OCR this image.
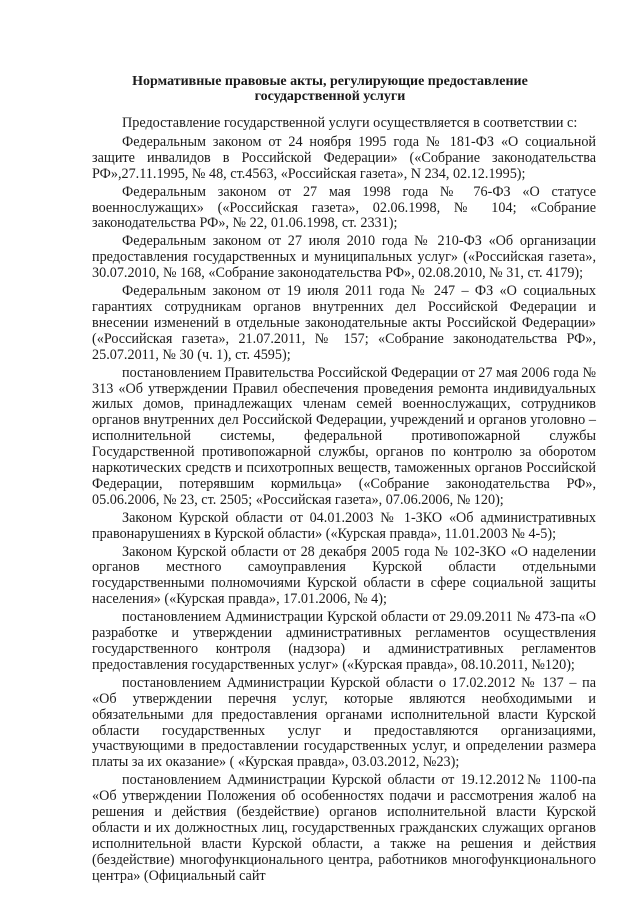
Нормативные правовые акты, регулирующие предоставление
государственной услуги

Предоставление государственной услуги осуществляется в соответствии с:

Федеральным законом от 24 ноября 1995 года № 181-ФЗ «О социальной защите инвалидов в Российской Федерации» («Собрание законодательства РФ»,27.11.1995, № 48, ст.4563, «Российская газета», N 234, 02.12.1995);

Федеральным законом от 27 мая 1998 года № 76-ФЗ «О статусе военнослужащих» («Российская газета», 02.06.1998, № 104; «Собрание законодательства РФ», № 22, 01.06.1998, ст. 2331);

Федеральным законом от 27 июля 2010 года № 210-ФЗ «Об организации предоставления государственных и муниципальных услуг» («Российская газета», 30.07.2010, № 168, «Собрание законодательства РФ», 02.08.2010, № 31, ст. 4179);

Федеральным законом от 19 июля 2011 года № 247 – ФЗ «О социальных гарантиях сотрудникам органов внутренних дел Российской Федерации и внесении изменений в отдельные законодательные акты Российской Федерации» («Российская газета», 21.07.2011, № 157; «Собрание законодательства РФ», 25.07.2011, № 30 (ч. 1), ст. 4595);

постановлением Правительства Российской Федерации от 27 мая 2006 года № 313 «Об утверждении Правил обеспечения проведения ремонта индивидуальных жилых домов, принадлежащих членам семей военнослужащих, сотрудников органов внутренних дел Российской Федерации, учреждений и органов уголовно – исполнительной системы, федеральной противопожарной службы Государственной противопожарной службы, органов по контролю за оборотом наркотических средств и психотропных веществ, таможенных органов Российской Федерации, потерявшим кормильца» («Собрание законодательства РФ», 05.06.2006, № 23, ст. 2505; «Российская газета», 07.06.2006, № 120);

Законом Курской области от 04.01.2003 № 1-ЗКО «Об административных правонарушениях в Курской области» («Курская правда», 11.01.2003 № 4-5);

Законом Курской области от 28 декабря 2005 года № 102-ЗКО «О наделении органов местного самоуправления Курской области отдельными государственными полномочиями Курской области в сфере социальной защиты населения» («Курская правда», 17.01.2006, № 4);

постановлением Администрации Курской области от 29.09.2011 № 473-па «О разработке и утверждении административных регламентов осуществления государственного контроля (надзора) и административных регламентов предоставления государственных услуг» («Курская правда», 08.10.2011, №120);

постановлением Администрации Курской области о 17.02.2012 № 137 – па «Об утверждении перечня услуг, которые являются необходимыми и обязательными для предоставления органами исполнительной власти Курской области государственных услуг и предоставляются организациями, участвующими в предоставлении государственных услуг, и определении размера платы за их оказание» ( «Курская правда», 03.03.2012, №23);

постановлением Администрации Курской области от 19.12.2012№ 1100-па «Об утверждении Положения об особенностях подачи и рассмотрения жалоб на решения и действия (бездействие) органов исполнительной власти Курской области и их должностных лиц, государственных гражданских служащих органов исполнительной власти Курской области, а также на решения и действия (бездействие) многофункционального центра, работников многофункционального центра» (Официальный сайт
